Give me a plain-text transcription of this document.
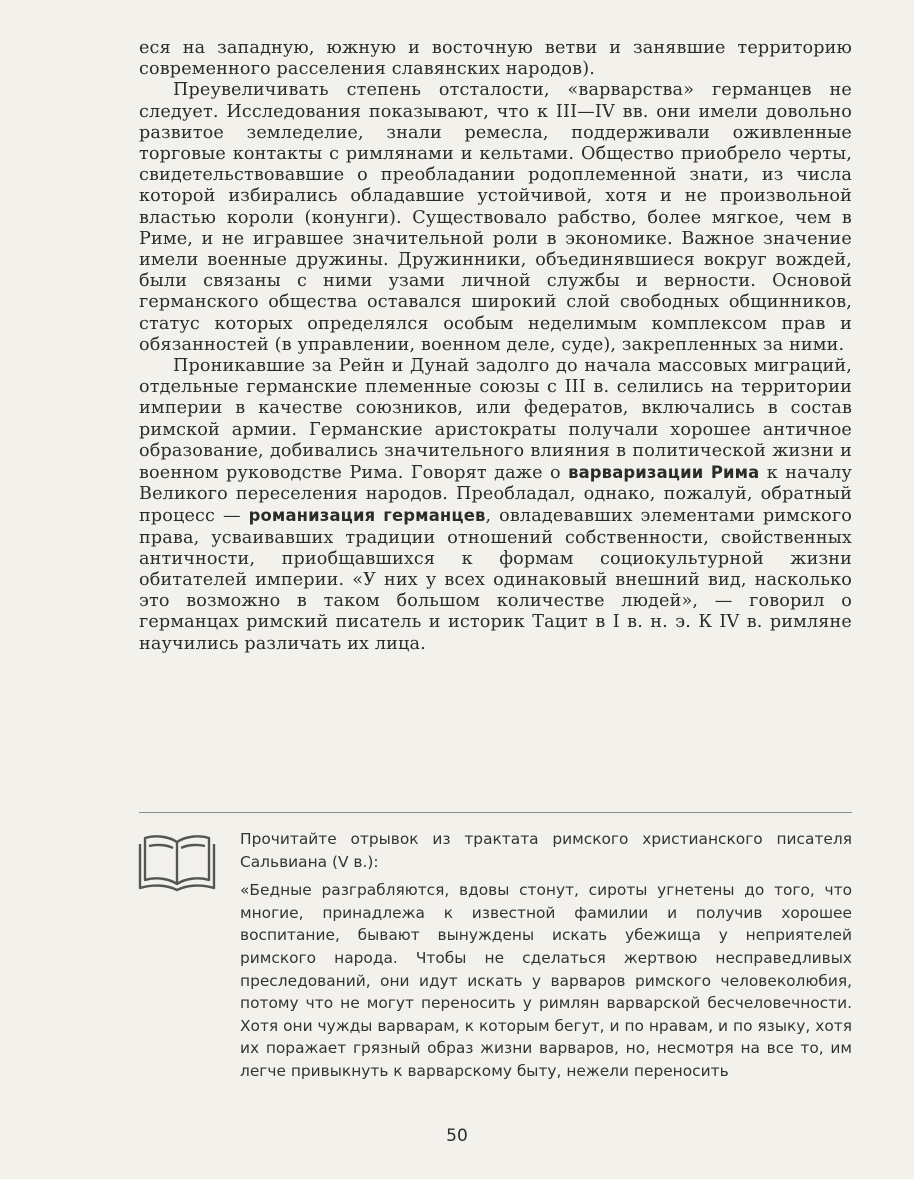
еся на западную, южную и восточную ветви и занявшие территорию современного расселения славянских народов).

Преувеличивать степень отсталости, «варварства» германцев не следует. Исследования показывают, что к III—IV вв. они имели довольно развитое земледелие, знали ремесла, поддерживали оживленные торговые контакты с римлянами и кельтами. Общество приобрело черты, свидетельствовавшие о преобладании родоплеменной знати, из числа которой избирались обладавшие устойчивой, хотя и не произвольной властью короли (конунги). Существовало рабство, более мягкое, чем в Риме, и не игравшее значительной роли в экономике. Важное значение имели военные дружины. Дружинники, объединявшиеся вокруг вождей, были связаны с ними узами личной службы и верности. Основой германского общества оставался широкий слой свободных общинников, статус которых определялся особым неделимым комплексом прав и обязанностей (в управлении, военном деле, суде), закрепленных за ними.

Проникавшие за Рейн и Дунай задолго до начала массовых миграций, отдельные германские племенные союзы с III в. селились на территории империи в качестве союзников, или федератов, включались в состав римской армии. Германские аристократы получали хорошее античное образование, добивались значительного влияния в политической жизни и военном руководстве Рима. Говорят даже о варваризации Рима к началу Великого переселения народов. Преобладал, однако, пожалуй, обратный процесс — романизация германцев, овладевавших элементами римского права, усваивавших традиции отношений собственности, свойственных античности, приобщавшихся к формам социокультурной жизни обитателей империи. «У них у всех одинаковый внешний вид, насколько это возможно в таком большом количестве людей», — говорил о германцах римский писатель и историк Тацит в I в. н. э. К IV в. римляне научились различать их лица.

Прочитайте отрывок из трактата римского христианского писателя Сальвиана (V в.):

«Бедные разграбляются, вдовы стонут, сироты угнетены до того, что многие, принадлежа к известной фамилии и получив хорошее воспитание, бывают вынуждены искать убежища у неприятелей римского народа. Чтобы не сделаться жертвою несправедливых преследований, они идут искать у варваров римского человеколюбия, потому что не могут переносить у римлян варварской бесчеловечности. Хотя они чужды варварам, к которым бегут, и по нравам, и по языку, хотя их поражает грязный образ жизни варваров, но, несмотря на все то, им легче привыкнуть к варварскому быту, нежели переносить

50
